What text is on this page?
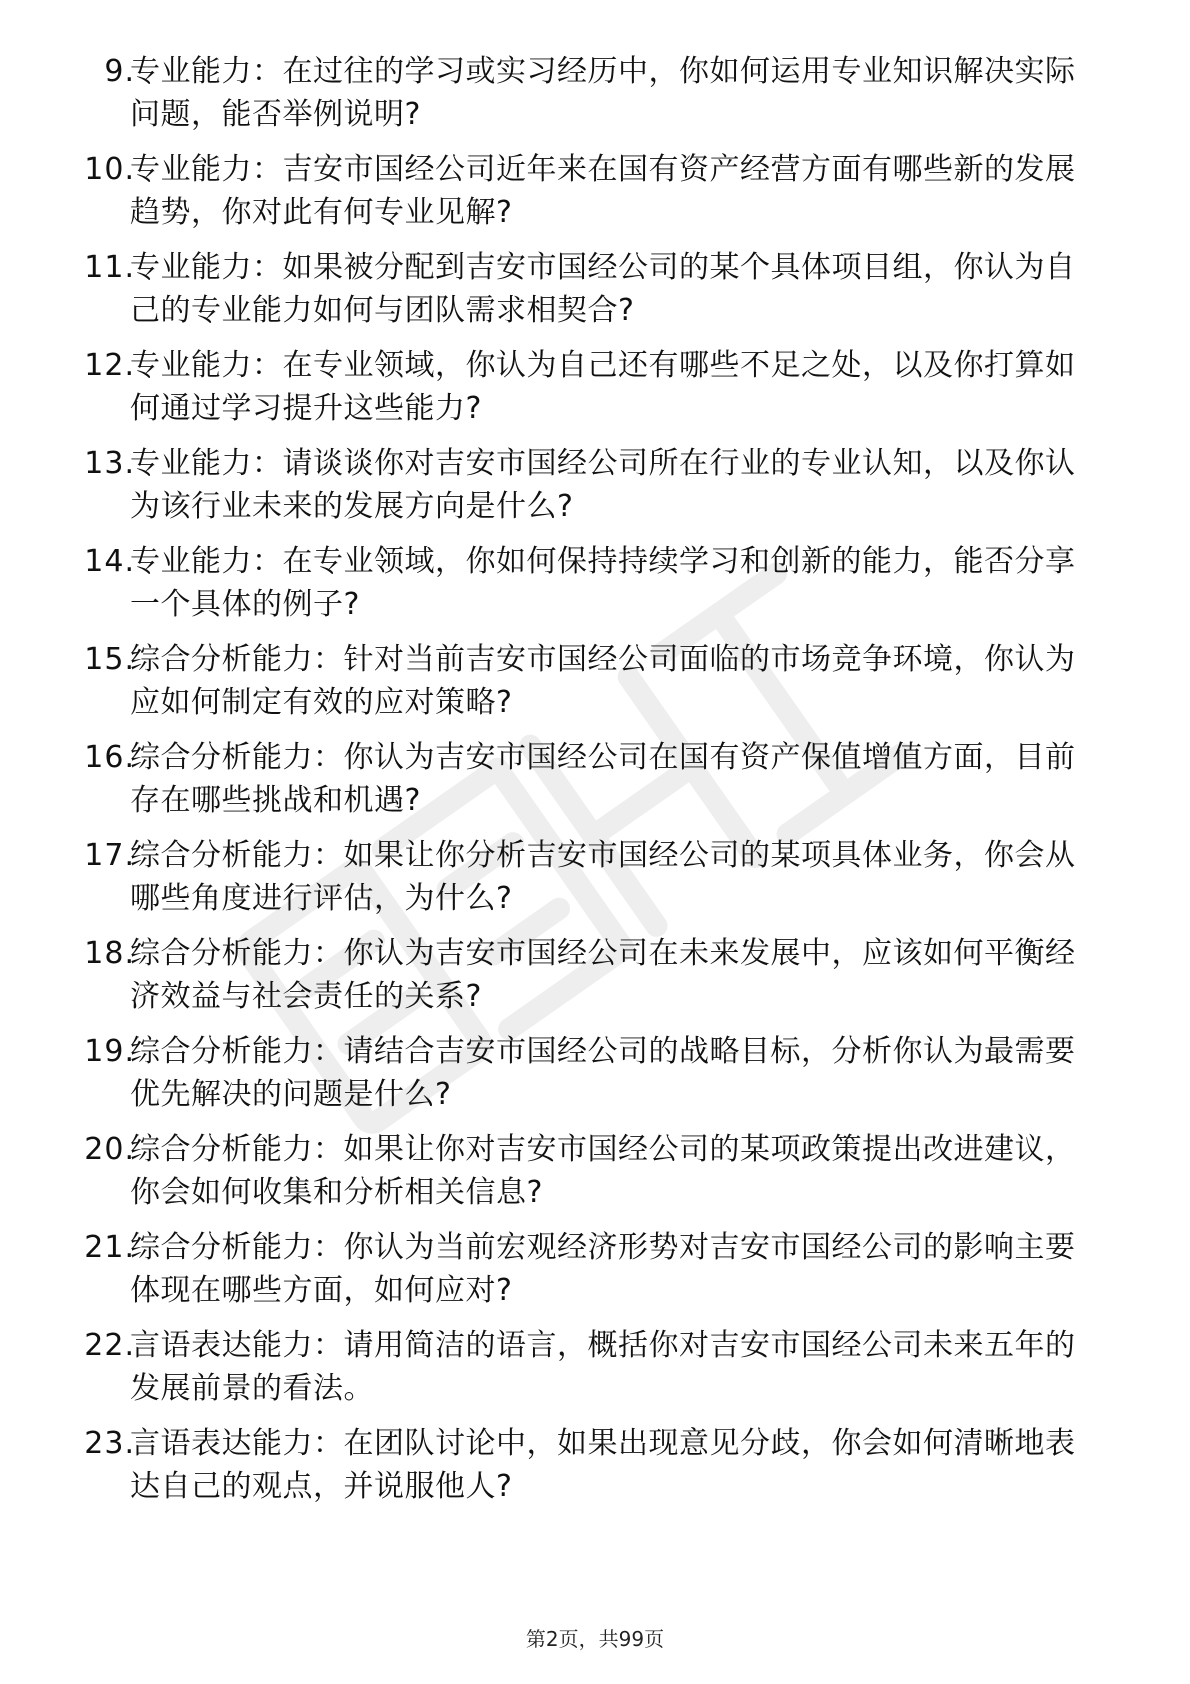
9.
专业能力：在过往的学习或实习经历中，你如何运用专业知识解决实际问题，能否举例说明?
10.
专业能力：吉安市国经公司近年来在国有资产经营方面有哪些新的发展趋势，你对此有何专业见解?
11.
专业能力：如果被分配到吉安市国经公司的某个具体项目组，你认为自己的专业能力如何与团队需求相契合?
12.
专业能力：在专业领域，你认为自己还有哪些不足之处，以及你打算如何通过学习提升这些能力?
13.
专业能力：请谈谈你对吉安市国经公司所在行业的专业认知，以及你认为该行业未来的发展方向是什么?
14.
专业能力：在专业领域，你如何保持持续学习和创新的能力，能否分享一个具体的例子?
15.
综合分析能力：针对当前吉安市国经公司面临的市场竞争环境，你认为应如何制定有效的应对策略?
16.
综合分析能力：你认为吉安市国经公司在国有资产保值增值方面，目前存在哪些挑战和机遇?
17.
综合分析能力：如果让你分析吉安市国经公司的某项具体业务，你会从哪些角度进行评估，为什么?
18.
综合分析能力：你认为吉安市国经公司在未来发展中，应该如何平衡经济效益与社会责任的关系?
19.
综合分析能力：请结合吉安市国经公司的战略目标，分析你认为最需要优先解决的问题是什么?
20.
综合分析能力：如果让你对吉安市国经公司的某项政策提出改进建议，你会如何收集和分析相关信息?
21.
综合分析能力：你认为当前宏观经济形势对吉安市国经公司的影响主要体现在哪些方面，如何应对?
22.
言语表达能力：请用简洁的语言，概括你对吉安市国经公司未来五年的发展前景的看法。
23.
言语表达能力：在团队讨论中，如果出现意见分歧，你会如何清晰地表达自己的观点，并说服他人?
第2页，共99页
